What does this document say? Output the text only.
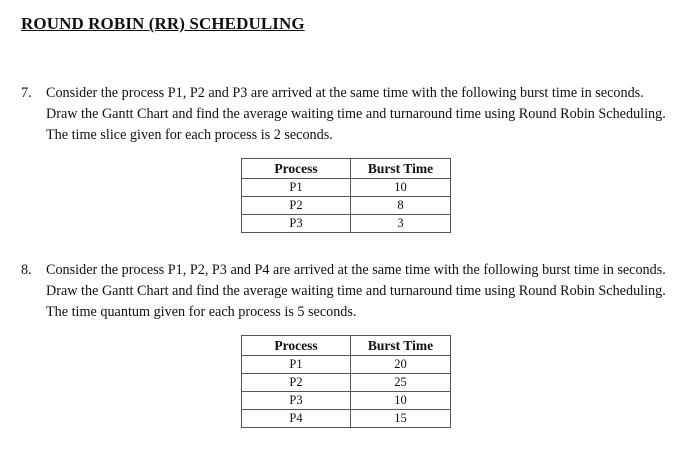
ROUND ROBIN (RR) SCHEDULING
7. Consider the process P1, P2 and P3 are arrived at the same time with the following burst time in seconds. Draw the Gantt Chart and find the average waiting time and turnaround time using Round Robin Scheduling. The time slice given for each process is 2 seconds.
Process	Burst Time
P1	10
P2	8
P3	3
8. Consider the process P1, P2, P3 and P4 are arrived at the same time with the following burst time in seconds. Draw the Gantt Chart and find the average waiting time and turnaround time using Round Robin Scheduling. The time quantum given for each process is 5 seconds.
Process	Burst Time
P1	20
P2	25
P3	10
P4	15
